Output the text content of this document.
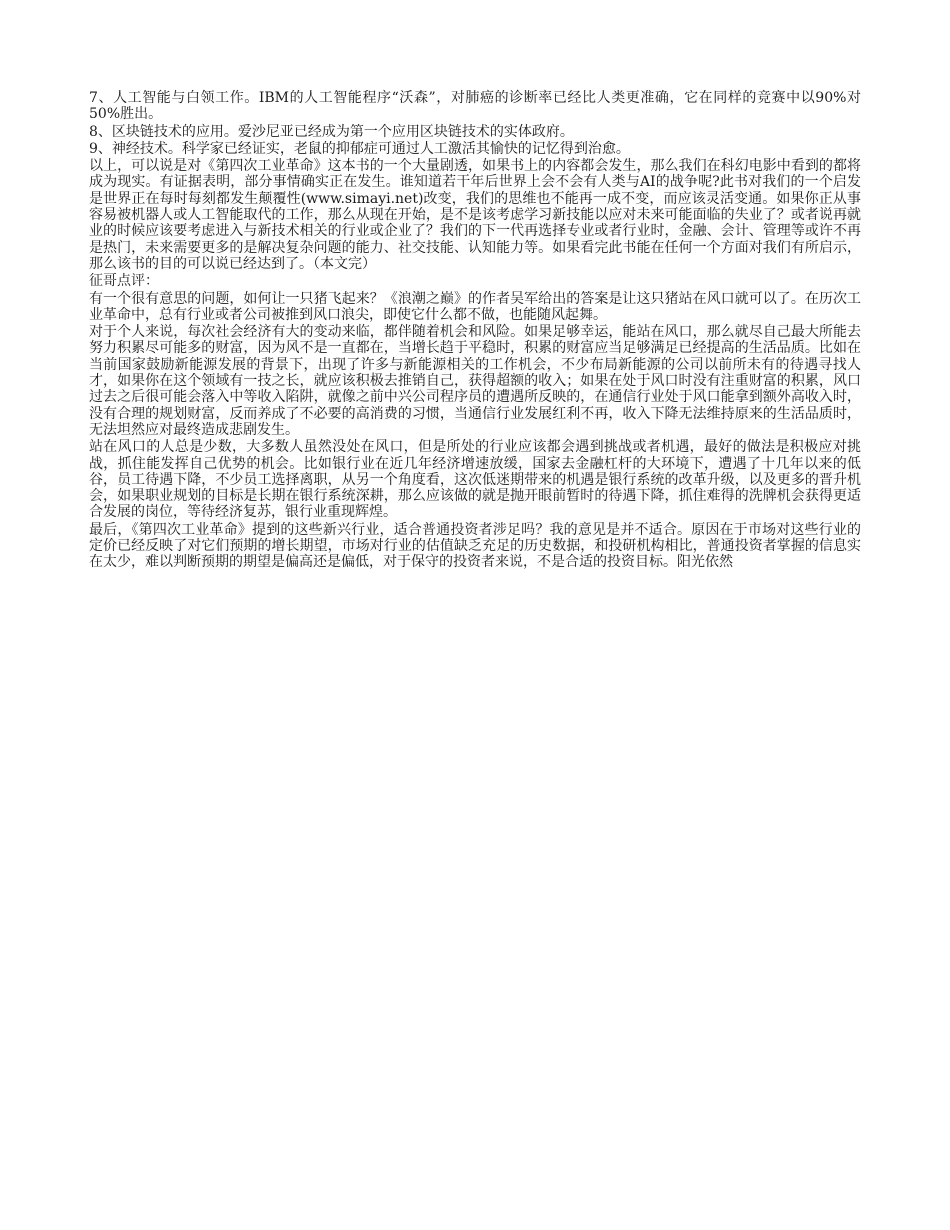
7、人工智能与白领工作。IBM的人工智能程序“沃森”，对肺癌的诊断率已经比人类更准确，它在同样的竞赛中以90%对50%胜出。

8、区块链技术的应用。爱沙尼亚已经成为第一个应用区块链技术的实体政府。

9、神经技术。科学家已经证实，老鼠的抑郁症可通过人工激活其愉快的记忆得到治愈。

以上，可以说是对《第四次工业革命》这本书的一个大量剧透，如果书上的内容都会发生，那么我们在科幻电影中看到的都将成为现实。有证据表明，部分事情确实正在发生。谁知道若干年后世界上会不会有人类与AI的战争呢?此书对我们的一个启发是世界正在每时每刻都发生颠覆性(www.simayi.net)改变，我们的思维也不能再一成不变，而应该灵活变通。如果你正从事容易被机器人或人工智能取代的工作，那么从现在开始，是不是该考虑学习新技能以应对未来可能面临的失业了？或者说再就业的时候应该要考虑进入与新技术相关的行业或企业了？我们的下一代再选择专业或者行业时，金融、会计、管理等或许不再是热门，未来需要更多的是解决复杂问题的能力、社交技能、认知能力等。如果看完此书能在任何一个方面对我们有所启示，那么该书的目的可以说已经达到了。（本文完）

征哥点评：

有一个很有意思的问题，如何让一只猪飞起来？《浪潮之巅》的作者吴军给出的答案是让这只猪站在风口就可以了。在历次工业革命中，总有行业或者公司被推到风口浪尖，即使它什么都不做，也能随风起舞。

对于个人来说，每次社会经济有大的变动来临，都伴随着机会和风险。如果足够幸运，能站在风口，那么就尽自己最大所能去努力积累尽可能多的财富，因为风不是一直都在，当增长趋于平稳时，积累的财富应当足够满足已经提高的生活品质。比如在当前国家鼓励新能源发展的背景下，出现了许多与新能源相关的工作机会，不少布局新能源的公司以前所未有的待遇寻找人才，如果你在这个领域有一技之长，就应该积极去推销自己，获得超额的收入；如果在处于风口时没有注重财富的积累，风口过去之后很可能会落入中等收入陷阱，就像之前中兴公司程序员的遭遇所反映的，在通信行业处于风口能拿到额外高收入时，没有合理的规划财富，反而养成了不必要的高消费的习惯，当通信行业发展红利不再，收入下降无法维持原来的生活品质时，无法坦然应对最终造成悲剧发生。

站在风口的人总是少数，大多数人虽然没处在风口，但是所处的行业应该都会遇到挑战或者机遇，最好的做法是积极应对挑战，抓住能发挥自己优势的机会。比如银行业在近几年经济增速放缓，国家去金融杠杆的大环境下，遭遇了十几年以来的低谷，员工待遇下降，不少员工选择离职，从另一个角度看，这次低迷期带来的机遇是银行系统的改革升级，以及更多的晋升机会，如果职业规划的目标是长期在银行系统深耕，那么应该做的就是抛开眼前暂时的待遇下降，抓住难得的洗牌机会获得更适合发展的岗位，等待经济复苏，银行业重现辉煌。

最后，《第四次工业革命》提到的这些新兴行业，适合普通投资者涉足吗？我的意见是并不适合。原因在于市场对这些行业的定价已经反映了对它们预期的增长期望，市场对行业的估值缺乏充足的历史数据，和投研机构相比，普通投资者掌握的信息实在太少，难以判断预期的期望是偏高还是偏低，对于保守的投资者来说，不是合适的投资目标。阳光依然
